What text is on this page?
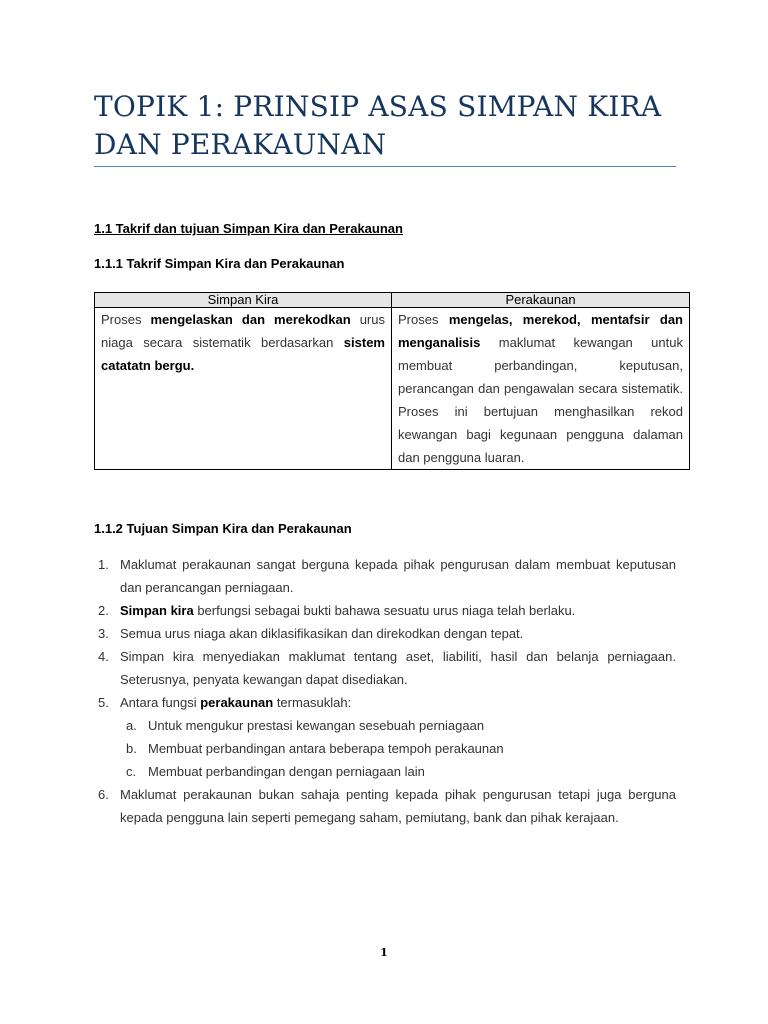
TOPIK 1: PRINSIP ASAS SIMPAN KIRA DAN PERAKAUNAN
1.1 Takrif dan tujuan Simpan Kira dan Perakaunan
1.1.1 Takrif Simpan Kira dan Perakaunan
Simpan Kira	Perakaunan
Proses mengelaskan dan merekodkan urus niaga secara sistematik berdasarkan sistem catatatn bergu.	Proses mengelas, merekod, mentafsir dan menganalisis maklumat kewangan untuk membuat perbandingan, keputusan, perancangan dan pengawalan secara sistematik. Proses ini bertujuan menghasilkan rekod kewangan bagi kegunaan pengguna dalaman dan pengguna luaran.
1.1.2 Tujuan Simpan Kira dan Perakaunan
1. Maklumat perakaunan sangat berguna kepada pihak pengurusan dalam membuat keputusan dan perancangan perniagaan.
2. Simpan kira berfungsi sebagai bukti bahawa sesuatu urus niaga telah berlaku.
3. Semua urus niaga akan diklasifikasikan dan direkodkan dengan tepat.
4. Simpan kira menyediakan maklumat tentang aset, liabiliti, hasil dan belanja perniagaan. Seterusnya, penyata kewangan dapat disediakan.
5. Antara fungsi perakaunan termasuklah:
a. Untuk mengukur prestasi kewangan sesebuah perniagaan
b. Membuat perbandingan antara beberapa tempoh perakaunan
c. Membuat perbandingan dengan perniagaan lain
6. Maklumat perakaunan bukan sahaja penting kepada pihak pengurusan tetapi juga berguna kepada pengguna lain seperti pemegang saham, pemiutang, bank dan pihak kerajaan.
1
